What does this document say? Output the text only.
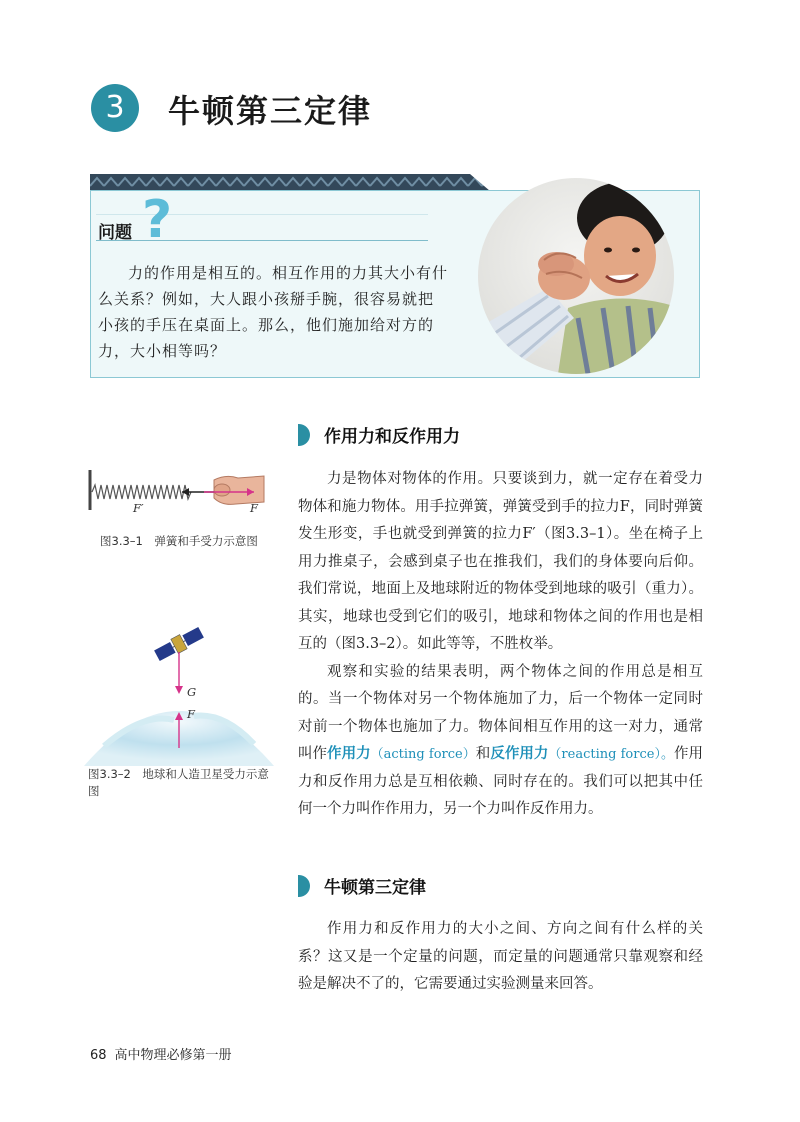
3	牛顿第三定律
问题 ?
力的作用是相互的。相互作用的力其大小有什么关系？例如，大人跟小孩掰手腕，很容易就把小孩的手压在桌面上。那么，他们施加给对方的力，大小相等吗？
作用力和反作用力
F′	F
图3.3–1　弹簧和手受力示意图
G
F
图3.3–2　地球和人造卫星受力示意图

力是物体对物体的作用。只要谈到力，就一定存在着受力物体和施力物体。用手拉弹簧，弹簧受到手的拉力F，同时弹簧发生形变，手也就受到弹簧的拉力F′（图3.3–1）。坐在椅子上用力推桌子，会感到桌子也在推我们，我们的身体要向后仰。我们常说，地面上及地球附近的物体受到地球的吸引（重力）。其实，地球也受到它们的吸引，地球和物体之间的作用也是相互的（图3.3–2）。如此等等，不胜枚举。

观察和实验的结果表明，两个物体之间的作用总是相互的。当一个物体对另一个物体施加了力，后一个物体一定同时对前一个物体也施加了力。物体间相互作用的这一对力，通常叫作作用力（acting force）和反作用力（reacting force）。作用力和反作用力总是互相依赖、同时存在的。我们可以把其中任何一个力叫作作用力，另一个力叫作反作用力。

牛顿第三定律

作用力和反作用力的大小之间、方向之间有什么样的关系？这又是一个定量的问题，而定量的问题通常只靠观察和经验是解决不了的，它需要通过实验测量来回答。

68 高中物理必修第一册
